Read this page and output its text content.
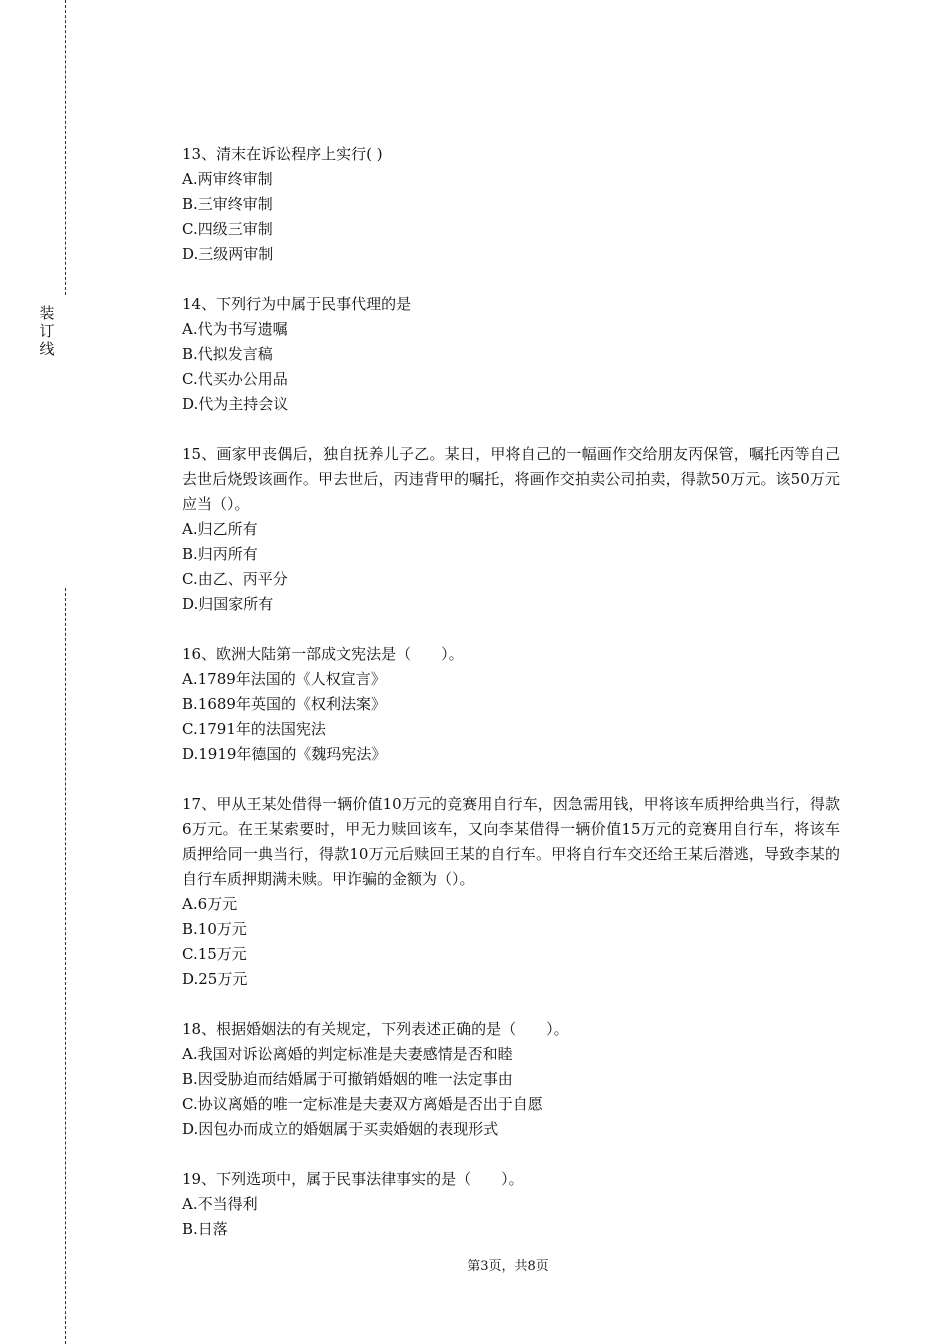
装
订
线
13、清末在诉讼程序上实行( )
A.两审终审制
B.三审终审制
C.四级三审制
D.三级两审制
14、下列行为中属于民事代理的是
A.代为书写遗嘱
B.代拟发言稿
C.代买办公用品
D.代为主持会议
15、画家甲丧偶后，独自抚养儿子乙。某日，甲将自己的一幅画作交给朋友丙保管，嘱托丙等自己去世后烧毁该画作。甲去世后，丙违背甲的嘱托，将画作交拍卖公司拍卖，得款50万元。该50万元应当（）。
A.归乙所有
B.归丙所有
C.由乙、丙平分
D.归国家所有
16、欧洲大陆第一部成文宪法是（　　）。
A.1789年法国的《人权宣言》
B.1689年英国的《权利法案》
C.1791年的法国宪法
D.1919年德国的《魏玛宪法》
17、甲从王某处借得一辆价值10万元的竞赛用自行车，因急需用钱，甲将该车质押给典当行，得款6万元。在王某索要时，甲无力赎回该车，又向李某借得一辆价值15万元的竞赛用自行车，将该车质押给同一典当行，得款10万元后赎回王某的自行车。甲将自行车交还给王某后潜逃，导致李某的自行车质押期满未赎。甲诈骗的金额为（）。
A.6万元
B.10万元
C.15万元
D.25万元
18、根据婚姻法的有关规定，下列表述正确的是（　　）。
A.我国对诉讼离婚的判定标准是夫妻感情是否和睦
B.因受胁迫而结婚属于可撤销婚姻的唯一法定事由
C.协议离婚的唯一定标准是夫妻双方离婚是否出于自愿
D.因包办而成立的婚姻属于买卖婚姻的表现形式
19、下列选项中，属于民事法律事实的是（　　）。
A.不当得利
B.日落
第3页，共8页
